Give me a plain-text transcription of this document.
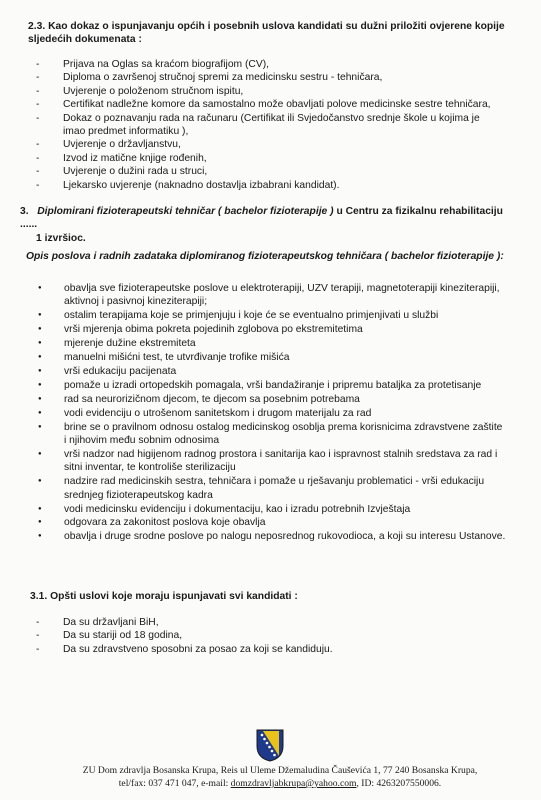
2.3. Kao dokaz o ispunjavanju općih i posebnih uslova kandidati su dužni priložiti ovjerene kopije sljedećih dokumenata :
- Prijava na Oglas sa kraćom biografijom (CV),
- Diploma o završenoj stručnoj spremi za medicinsku sestru - tehničara,
- Uvjerenje o položenom stručnom ispitu,
- Certifikat nadležne komore da samostalno može obavljati polove medicinske sestre tehničara,
- Dokaz o poznavanju rada na računaru (Certifikat ili Svjedočanstvo srednje škole u kojima je imao predmet informatiku ),
- Uvjerenje o državljanstvu,
- Izvod iz matične knjige rođenih,
- Uvjerenje o dužini rada u struci,
- Ljekarsko uvjerenje (naknadno dostavlja izbabrani kandidat).
3. Diplomirani fizioterapeutski tehničar ( bachelor fizioterapije ) u Centru za fizikalnu rehabilitaciju ......
1 izvršioc.
Opis poslova i radnih zadataka diplomiranog fizioterapeutskog tehničara ( bachelor fizioterapije ):
● obavlja sve fizioterapeutske poslove u elektroterapiji, UZV terapiji, magnetoterapiji kineziterapiji, aktivnoj i pasivnoj kineziterapiji;
● ostalim terapijama koje se primjenjuju i koje će se eventualno primjenjivati u službi
● vrši mjerenja obima pokreta pojedinih zglobova po ekstremitetima
● mjerenje dužine ekstremiteta
● manuelni mišićni test, te utvrđivanje trofike mišića
● vrši edukaciju pacijenata
● pomaže u izradi ortopedskih pomagala, vrši bandažiranje i pripremu bataljka za protetisanje
● rad sa neurorizičnom djecom, te djecom sa posebnim potrebama
● vodi evidenciju o utrošenom sanitetskom i drugom materijalu za rad
● brine se o pravilnom odnosu ostalog medicinskog osoblja prema korisnicima zdravstvene zaštite i njihovim među sobnim odnosima
● vrši nadzor nad higijenom radnog prostora i sanitarija kao i ispravnost stalnih sredstava za rad i sitni inventar, te kontroliše sterilizaciju
● nadzire rad medicinskih sestra, tehničara i pomaže u rješavanju problematici - vrši edukaciju srednjeg fizioterapeutskog kadra
● vodi medicinsku evidenciju i dokumentaciju, kao i izradu potrebnih Izvještaja
● odgovara za zakonitost poslova koje obavlja
● obavlja i druge srodne poslove po nalogu neposrednog rukovodioca, a koji su interesu Ustanove.
3.1. Opšti uslovi koje moraju ispunjavati svi kandidati :
- Da su državljani BiH,
- Da su stariji od 18 godina,
- Da su zdravstveno sposobni za posao za koji se kandiduju.
ZU Dom zdravlja Bosanska Krupa, Reis ul Uleme Džemaludina Čauševića 1, 77 240 Bosanska Krupa,
tel/fax: 037 471 047, e-mail: domzdravljabkrupa@yahoo.com, ID: 4263207550006.
